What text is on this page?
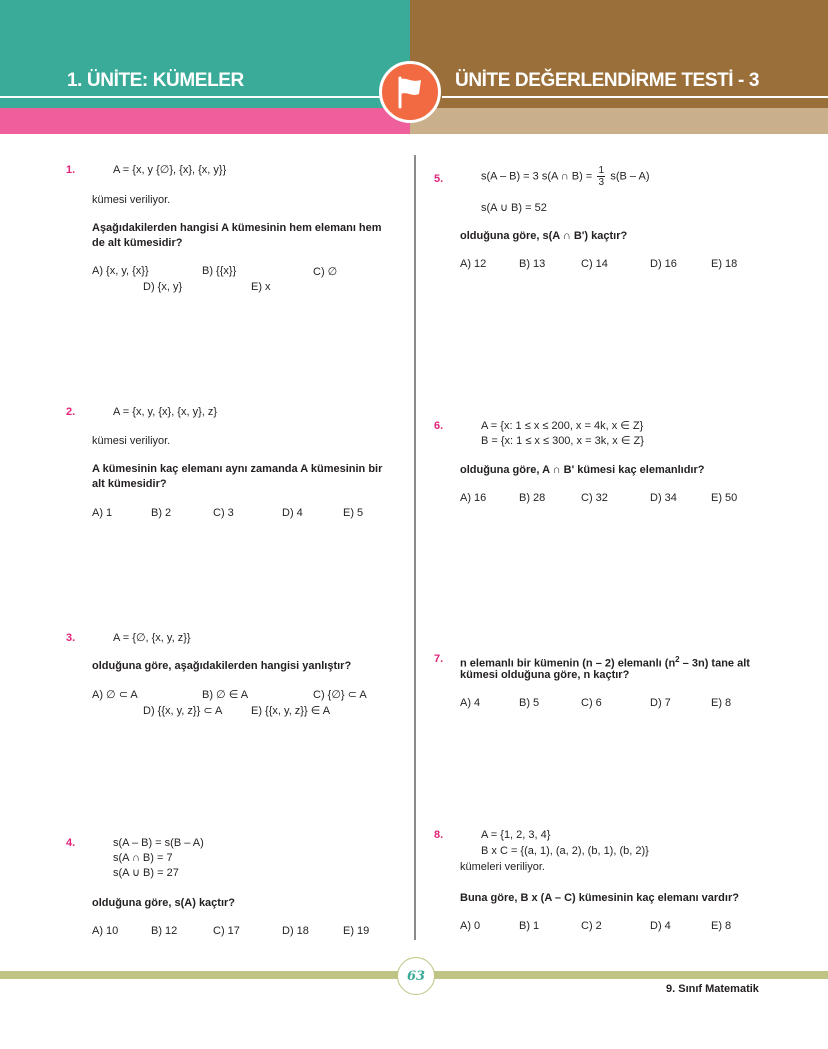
1. ÜNİTE: KÜMELER	ÜNİTE DEĞERLENDİRME TESTİ - 3
1.	A = {x, y {∅}, {x}, {x, y}}
kümesi veriliyor.
Aşağıdakilerden hangisi A kümesinin hem elemanı hem
de alt kümesidir?
A) {x, y, {x}}	B) {{x}}	C) ∅
D) {x, y}	E) x
2.	A = {x, y, {x}, {x, y}, z}
kümesi veriliyor.
A kümesinin kaç elemanı aynı zamanda A kümesinin bir
alt kümesidir?
A) 1	B) 2	C) 3	D) 4	E) 5
3.	A = {∅, {x, y, z}}
olduğuna göre, aşağıdakilerden hangisi yanlıştır?
A) ∅ ⊂ A	B) ∅ ∈ A	C) {∅} ⊂ A
D) {{x, y, z}} ⊂ A	E) {{x, y, z}} ∈ A
4.	s(A – B) = s(B – A)
s(A ∩ B) = 7
s(A ∪ B) = 27
olduğuna göre, s(A) kaçtır?
A) 10	B) 12	C) 17	D) 18	E) 19
5.	s(A – B) = 3 s(A ∩ $B) = \frac{1}{3} s(B - A)$
s(A ∪ B) = 52
olduğuna göre, s(A ∩ B') kaçtır?
A) 12	B) 13	C) 14	D) 16	E) 18
6.	A = {x: 1 ≤ x ≤ 200, x = 4k, x ∈ Z}
B = {x: 1 ≤ x ≤ 300, x = 3k, x ∈ Z}
olduğuna göre, A ∩ B' kümesi kaç elemanlıdır?
A) 16	B) 28	C) 32	D) 34	E) 50
7. n elemanlı bir kümenin (n – 2) elemanlı $(n^2 - 3n)$ tane alt
kümesi olduğuna göre, n kaçtır?
A) 4	B) 5	C) 6	D) 7	E) 8
8.	A = {1, 2, 3, 4}
B x C = {(a, 1), (a, 2), (b, 1), (b, 2)}
kümeleri veriliyor.
Buna göre, B x (A – C) kümesinin kaç elemanı vardır?
A) 0	B) 1	C) 2	D) 4	E) 8
63
9. Sınıf Matematik
